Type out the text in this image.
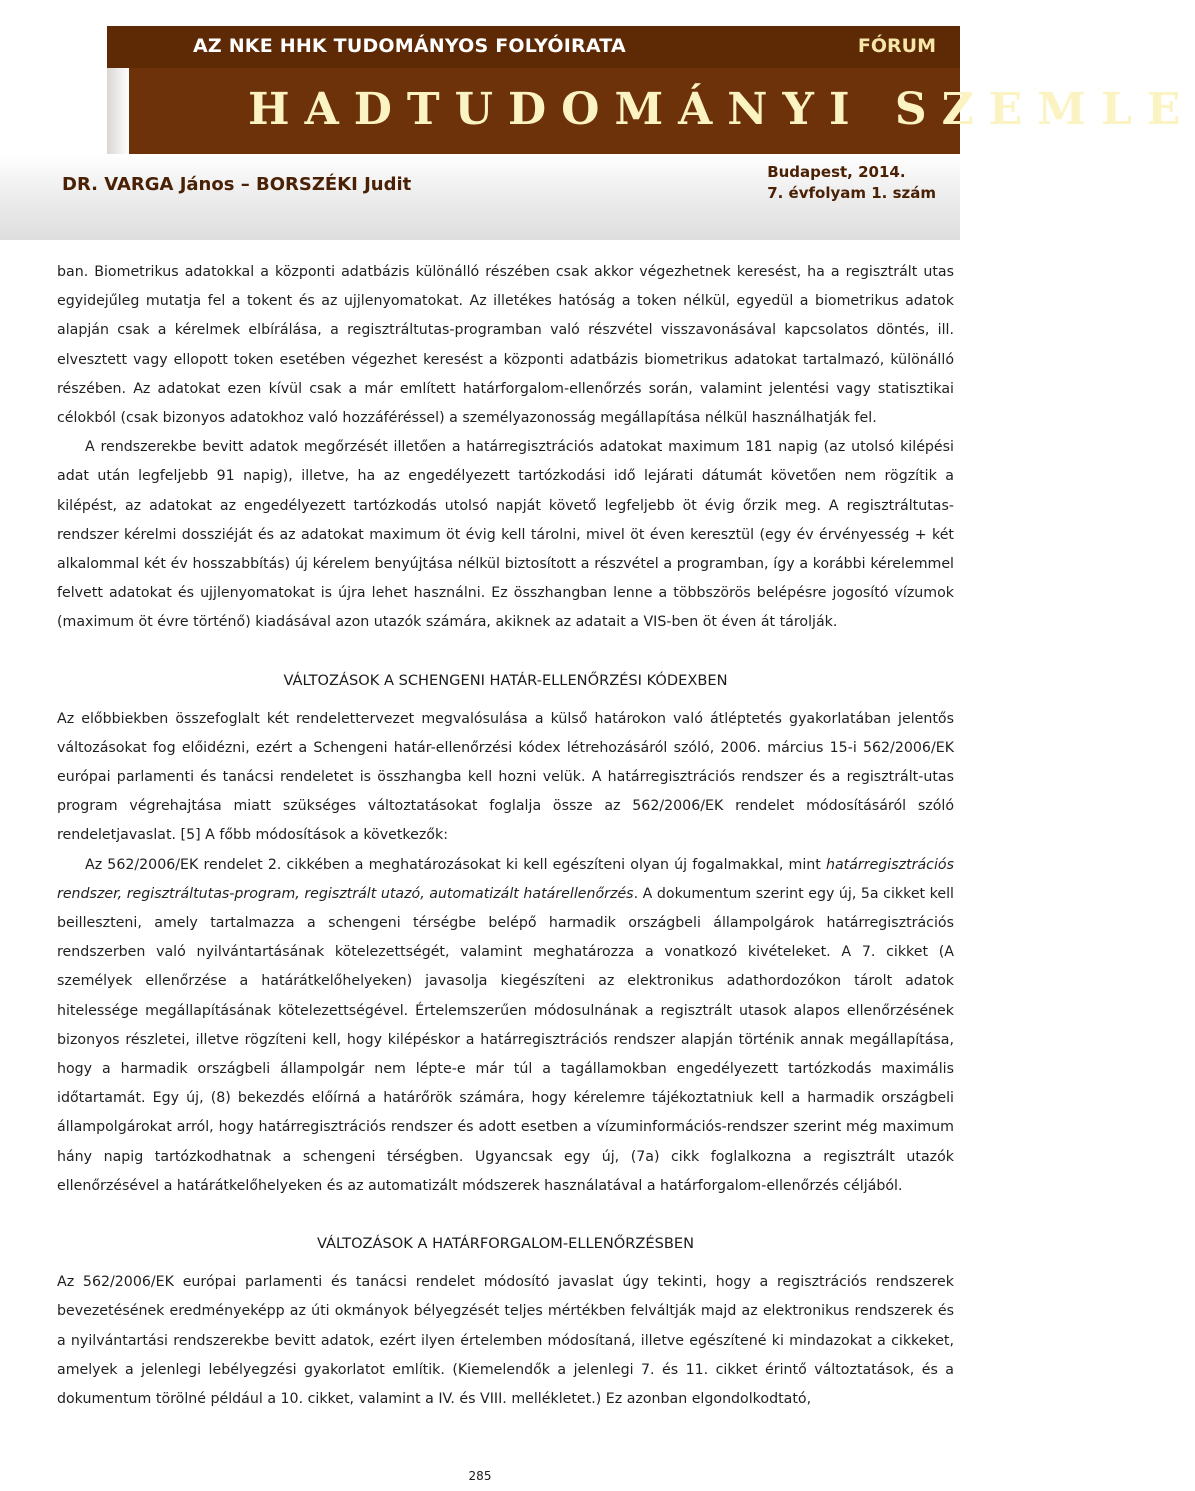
AZ NKE HHK TUDOMÁNYOS FOLYÓIRATA	FÓRUM
HADTUDOMÁNYI SZEMLE
DR. VARGA János – BORSZÉKI Judit
Budapest, 2014.
7. évfolyam 1. szám

ban. Biometrikus adatokkal a központi adatbázis különálló részében csak akkor végezhetnek keresést, ha a regisztrált utas egyidejűleg mutatja fel a tokent és az ujjlenyomatokat. Az illetékes hatóság a token nélkül, egyedül a biometrikus adatok alapján csak a kérelmek elbírálása, a regisztráltutas-programban való részvétel visszavonásával kapcsolatos döntés, ill. elvesztett vagy ellopott token esetében végezhet keresést a központi adatbázis biometrikus adatokat tartalmazó, különálló részében. Az adatokat ezen kívül csak a már említett határforgalom-ellenőrzés során, valamint jelentési vagy statisztikai célokból (csak bizonyos adatokhoz való hozzáféréssel) a személyazonosság megállapítása nélkül használhatják fel.

A rendszerekbe bevitt adatok megőrzését illetően a határregisztrációs adatokat maximum 181 napig (az utolsó kilépési adat után legfeljebb 91 napig), illetve, ha az engedélyezett tartózkodási idő lejárati dátumát követően nem rögzítik a kilépést, az adatokat az engedélyezett tartózkodás utolsó napját követő legfeljebb öt évig őrzik meg. A regisztráltutas-rendszer kérelmi dossziéját és az adatokat maximum öt évig kell tárolni, mivel öt éven keresztül (egy év érvényesség + két alkalommal két év hosszabbítás) új kérelem benyújtása nélkül biztosított a részvétel a programban, így a korábbi kérelemmel felvett adatokat és ujjlenyomatokat is újra lehet használni. Ez összhangban lenne a többszörös belépésre jogosító vízumok (maximum öt évre történő) kiadásával azon utazók számára, akiknek az adatait a VIS-ben öt éven át tárolják.

VÁLTOZÁSOK A SCHENGENI HATÁR-ELLENŐRZÉSI KÓDEXBEN

Az előbbiekben összefoglalt két rendelettervezet megvalósulása a külső határokon való átléptetés gyakorlatában jelentős változásokat fog előidézni, ezért a Schengeni határ-ellenőrzési kódex létrehozásáról szóló, 2006. március 15-i 562/2006/EK európai parlamenti és tanácsi rendeletet is összhangba kell hozni velük. A határregisztrációs rendszer és a regisztrált-utas program végrehajtása miatt szükséges változtatásokat foglalja össze az 562/2006/EK rendelet módosításáról szóló rendeletjavaslat. [5] A főbb módosítások a következők:

Az 562/2006/EK rendelet 2. cikkében a meghatározásokat ki kell egészíteni olyan új fogalmakkal, mint határregisztrációs rendszer, regisztráltutas-program, regisztrált utazó, automatizált határellenőrzés. A dokumentum szerint egy új, 5a cikket kell beilleszteni, amely tartalmazza a schengeni térségbe belépő harmadik országbeli állampolgárok határregisztrációs rendszerben való nyilvántartásának kötelezettségét, valamint meghatározza a vonatkozó kivételeket. A 7. cikket (A személyek ellenőrzése a határátkelőhelyeken) javasolja kiegészíteni az elektronikus adathordozókon tárolt adatok hitelessége megállapításának kötelezettségével. Értelemszerűen módosulnának a regisztrált utasok alapos ellenőrzésének bizonyos részletei, illetve rögzíteni kell, hogy kilépéskor a határregisztrációs rendszer alapján történik annak megállapítása, hogy a harmadik országbeli állampolgár nem lépte-e már túl a tagállamokban engedélyezett tartózkodás maximális időtartamát. Egy új, (8) bekezdés előírná a határőrök számára, hogy kérelemre tájékoztatniuk kell a harmadik országbeli állampolgárokat arról, hogy határregisztrációs rendszer és adott esetben a vízuminformációs-rendszer szerint még maximum hány napig tartózkodhatnak a schengeni térségben. Ugyancsak egy új, (7a) cikk foglalkozna a regisztrált utazók ellenőrzésével a határátkelőhelyeken és az automatizált módszerek használatával a határforgalom-ellenőrzés céljából.

VÁLTOZÁSOK A HATÁRFORGALOM-ELLENŐRZÉSBEN

Az 562/2006/EK európai parlamenti és tanácsi rendelet módosító javaslat úgy tekinti, hogy a regisztrációs rendszerek bevezetésének eredményeképp az úti okmányok bélyegzését teljes mértékben felváltják majd az elektronikus rendszerek és a nyilvántartási rendszerekbe bevitt adatok, ezért ilyen értelemben módosítaná, illetve egészítené ki mindazokat a cikkeket, amelyek a jelenlegi lebélyegzési gyakorlatot említik. (Kiemelendők a jelenlegi 7. és 11. cikket érintő változtatások, és a dokumentum törölné például a 10. cikket, valamint a IV. és VIII. mellékletet.) Ez azonban elgondolkodtató,

285
